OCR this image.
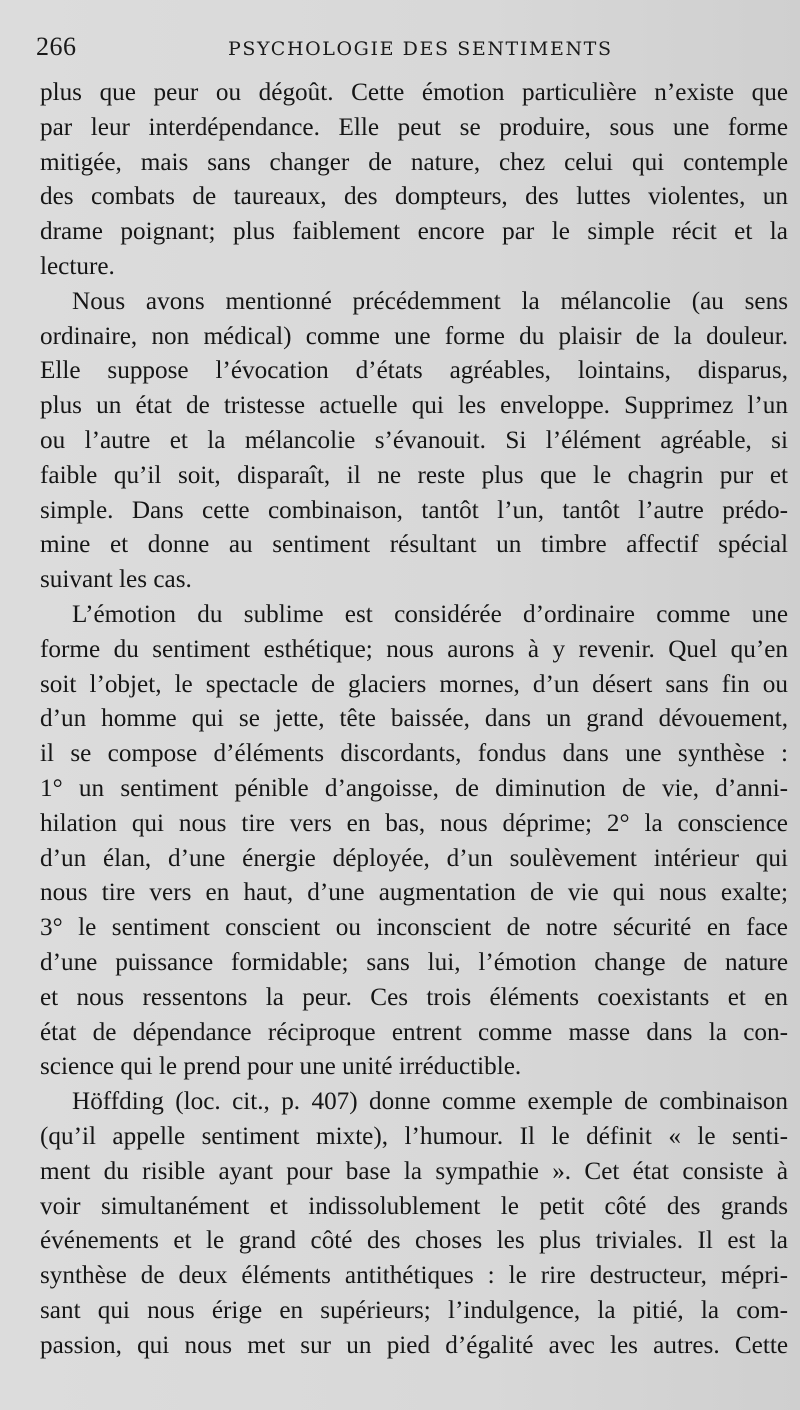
266	PSYCHOLOGIE DES SENTIMENTS
plus que peur ou dégoût. Cette émotion particulière n’existe que
par leur interdépendance. Elle peut se produire, sous une forme
mitigée, mais sans changer de nature, chez celui qui contemple
des combats de taureaux, des dompteurs, des luttes violentes, un
drame poignant; plus faiblement encore par le simple récit et la
lecture.
Nous avons mentionné précédemment la mélancolie (au sens
ordinaire, non médical) comme une forme du plaisir de la douleur.
Elle suppose l’évocation d’états agréables, lointains, disparus,
plus un état de tristesse actuelle qui les enveloppe. Supprimez l’un
ou l’autre et la mélancolie s’évanouit. Si l’élément agréable, si
faible qu’il soit, disparaît, il ne reste plus que le chagrin pur et
simple. Dans cette combinaison, tantôt l’un, tantôt l’autre prédo-
mine et donne au sentiment résultant un timbre affectif spécial
suivant les cas.
L’émotion du sublime est considérée d’ordinaire comme une
forme du sentiment esthétique; nous aurons à y revenir. Quel qu’en
soit l’objet, le spectacle de glaciers mornes, d’un désert sans fin ou
d’un homme qui se jette, tête baissée, dans un grand dévouement,
il se compose d’éléments discordants, fondus dans une synthèse :
1° un sentiment pénible d’angoisse, de diminution de vie, d’anni-
hilation qui nous tire vers en bas, nous déprime; 2° la conscience
d’un élan, d’une énergie déployée, d’un soulèvement intérieur qui
nous tire vers en haut, d’une augmentation de vie qui nous exalte;
3° le sentiment conscient ou inconscient de notre sécurité en face
d’une puissance formidable; sans lui, l’émotion change de nature
et nous ressentons la peur. Ces trois éléments coexistants et en
état de dépendance réciproque entrent comme masse dans la con-
science qui le prend pour une unité irréductible.
Höffding (loc. cit., p. 407) donne comme exemple de combinaison
(qu’il appelle sentiment mixte), l’humour. Il le définit « le senti-
ment du risible ayant pour base la sympathie ». Cet état consiste à
voir simultanément et indissolublement le petit côté des grands
événements et le grand côté des choses les plus triviales. Il est la
synthèse de deux éléments antithétiques : le rire destructeur, mépri-
sant qui nous érige en supérieurs; l’indulgence, la pitié, la com-
passion, qui nous met sur un pied d’égalité avec les autres. Cette
